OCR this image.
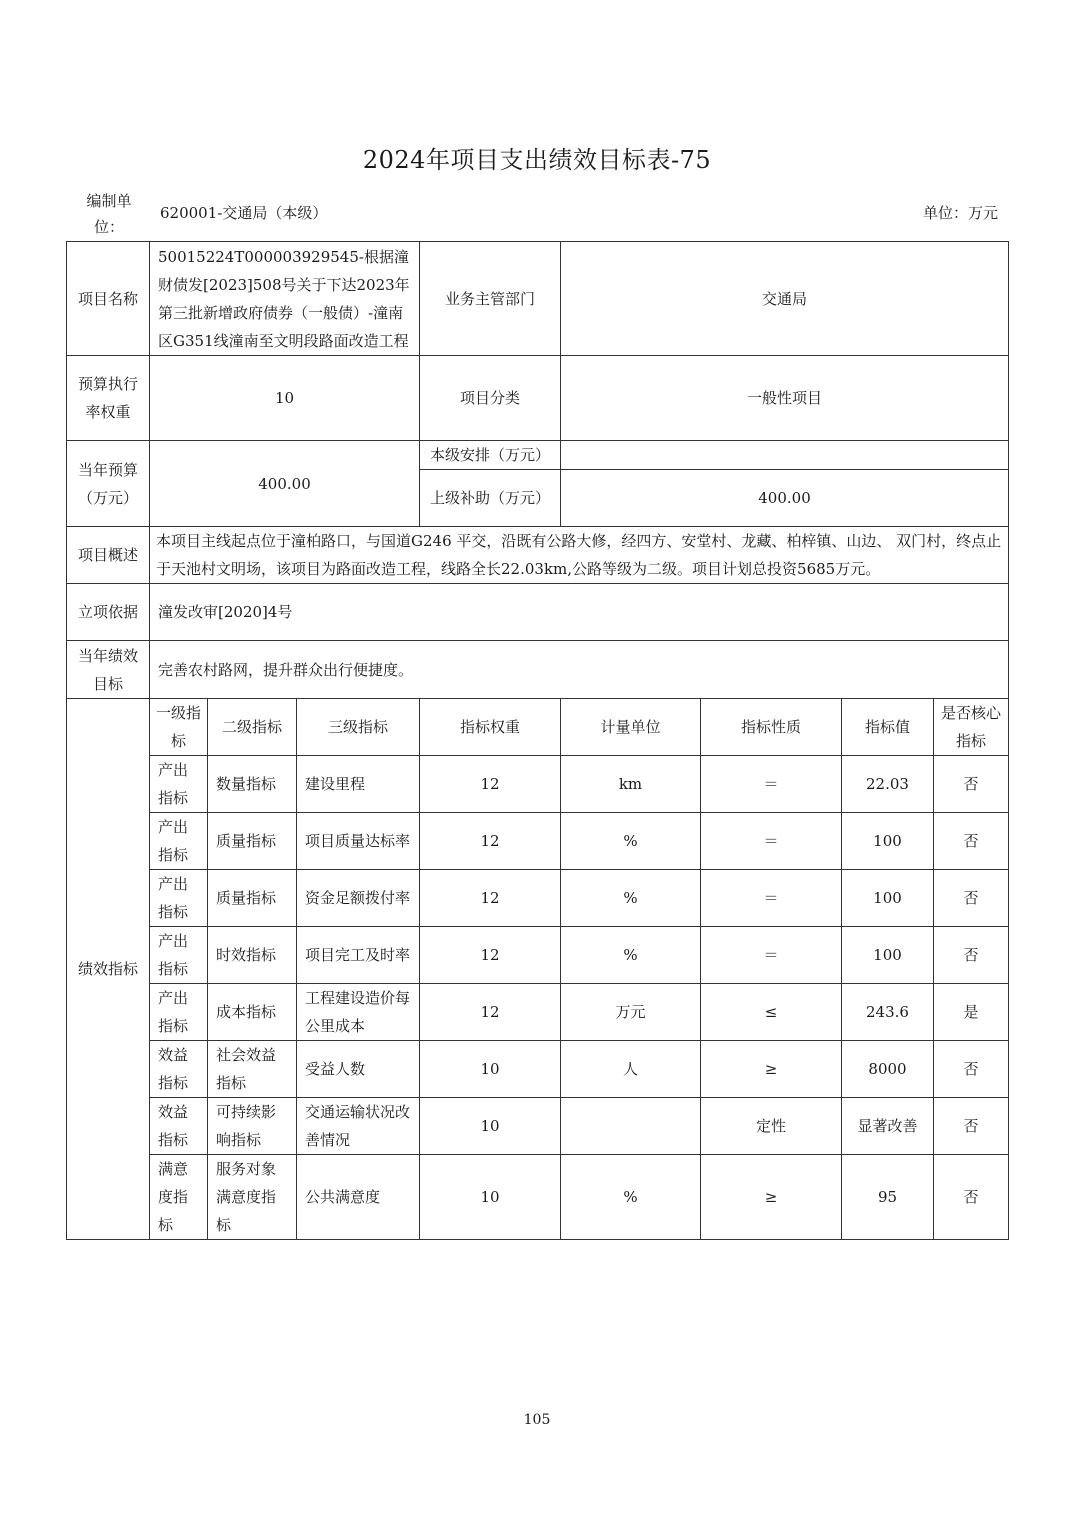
2024年项目支出绩效目标表-75
编制单位：
620001-交通局（本级）	单位：万元
项目名称	50015224T000003929545-根据潼财债发[2023]508号关于下达2023年第三批新增政府债券（一般债）-潼南区G351线潼南至文明段路面改造工程			业务主管部门	交通局			
预算执行率权重	10			项目分类	一般性项目			
当年预算（万元）	400.00			本级安排（万元）				
				上级补助（万元）	400.00			
项目概述	本项目主线起点位于潼柏路口，与国道G246 平交，沿既有公路大修，经四方、安堂村、龙藏、柏梓镇、山边、 双门村，终点止于天池村文明场，该项目为路面改造工程，线路全长22.03km,公路等级为二级。项目计划总投资5685万元。							
立项依据	潼发改审[2020]4号							
当年绩效目标	完善农村路网，提升群众出行便捷度。							
绩效指标	一级指标	二级指标	三级指标	指标权重	计量单位	指标性质	指标值	是否核心指标
	产出指标	数量指标	建设里程	12	km	＝	22.03	否
	产出指标	质量指标	项目质量达标率	12	%	＝	100	否
	产出指标	质量指标	资金足额拨付率	12	%	＝	100	否
	产出指标	时效指标	项目完工及时率	12	%	＝	100	否
	产出指标	成本指标	工程建设造价每公里成本	12	万元	≤	243.6	是
	效益指标	社会效益指标	受益人数	10	人	≥	8000	否
	效益指标	可持续影响指标	交通运输状况改善情况	10		定性	显著改善	否
	满意度指标	服务对象满意度指标	公共满意度	10	%	≥	95	否
105
